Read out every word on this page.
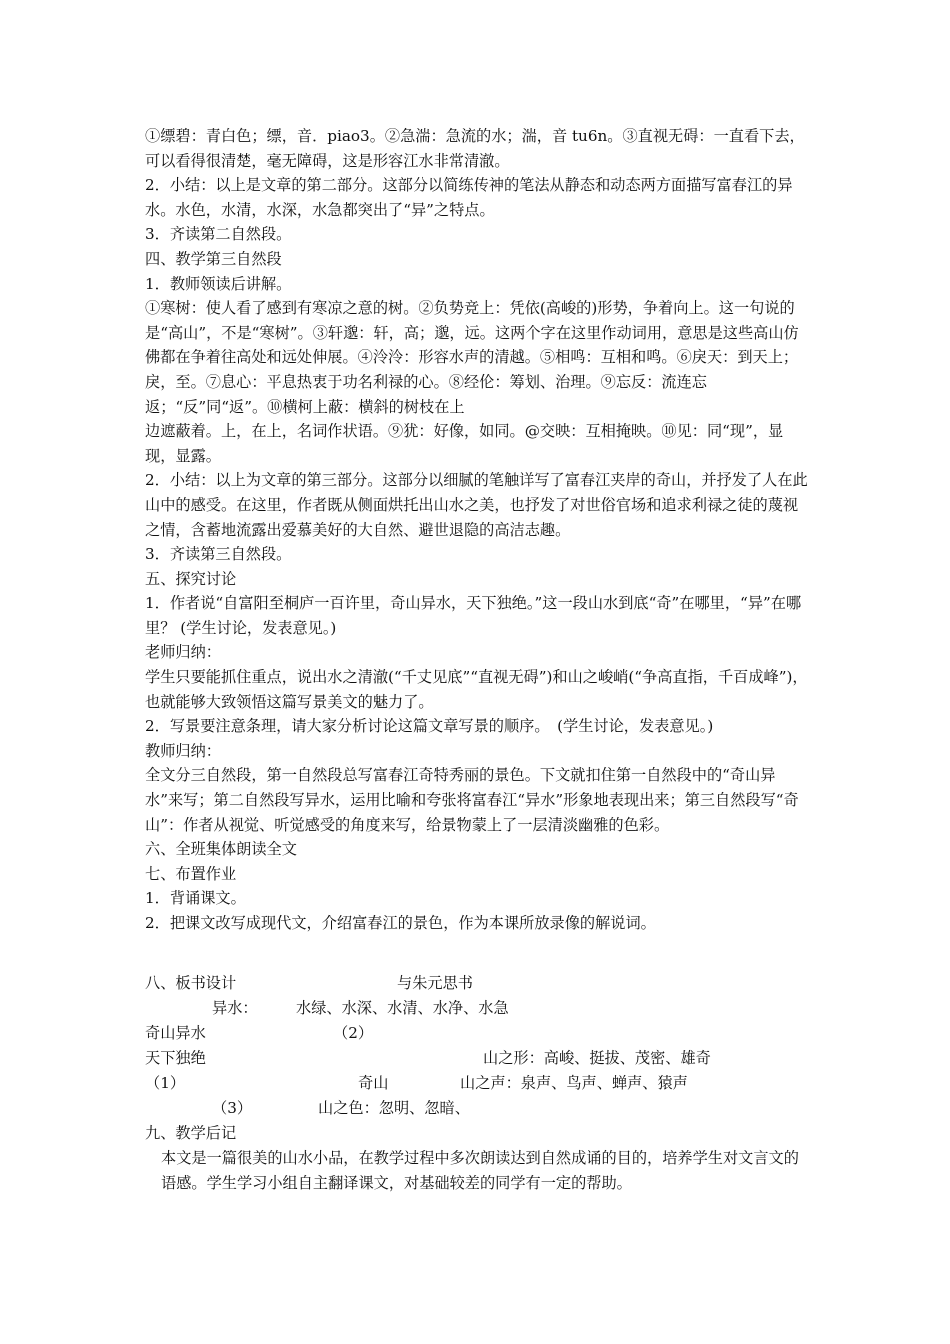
①缥碧：青白色；缥，音．piao3。②急湍：急流的水；湍，音 tu6n。③直视无碍：一直看下去，可以看得很清楚，毫无障碍，这是形容江水非常清澈。

2．小结：以上是文章的第二部分。这部分以简练传神的笔法从静态和动态两方面描写富春江的异水。水色，水清，水深，水急都突出了“异”之特点。

3．齐读第二自然段。

四、教学第三自然段

1．教师领读后讲解。

①寒树：使人看了感到有寒凉之意的树。②负势竞上：凭依(高峻的)形势，争着向上。这一句说的是“高山”，不是“寒树”。③轩邈：轩，高；邈，远。这两个字在这里作动词用，意思是这些高山仿佛都在争着往高处和远处伸展。④泠泠：形容水声的清越。⑤相鸣：互相和鸣。⑥戾天：到天上；戾，至。⑦息心：平息热衷于功名利禄的心。⑧经伦：筹划、治理。⑨忘反：流连忘返；“反”同“返”。⑩横柯上蔽：横斜的树枝在上

边遮蔽着。上，在上，名词作状语。⑨犹：好像，如同。@交映：互相掩映。⑩见：同“现”，显现，显露。

2．小结：以上为文章的第三部分。这部分以细腻的笔触详写了富春江夹岸的奇山，并抒发了人在此山中的感受。在这里，作者既从侧面烘托出山水之美，也抒发了对世俗官场和追求利禄之徒的蔑视之情，含蓄地流露出爱慕美好的大自然、避世退隐的高洁志趣。

3．齐读第三自然段。

五、探究讨论

1．作者说“自富阳至桐庐一百许里，奇山异水，天下独绝。”这一段山水到底“奇”在哪里，“异”在哪里？ (学生讨论，发表意见。)

老师归纳：

学生只要能抓住重点，说出水之清澈(“千丈见底”“直视无碍”)和山之峻峭(“争高直指，千百成峰”)，也就能够大致领悟这篇写景美文的魅力了。

2．写景要注意条理，请大家分析讨论这篇文章写景的顺序。　(学生讨论，发表意见。)

教师归纳：

全文分三自然段，第一自然段总写富春江奇特秀丽的景色。下文就扣住第一自然段中的“奇山异水”来写；第二自然段写异水，运用比喻和夸张将富春江“异水”形象地表现出来；第三自然段写“奇山”：作者从视觉、听觉感受的角度来写，给景物蒙上了一层清淡幽雅的色彩。

六、全班集体朗读全文

七、布置作业

1．背诵课文。

2．把课文改写成现代文，介绍富春江的景色，作为本课所放录像的解说词。

八、板书设计	与朱元思书
异水：	水绿、水深、水清、水净、水急
奇山异水	（2）
天下独绝	山之形：高峻、挺拔、茂密、雄奇
（1）	奇山	山之声：泉声、鸟声、蝉声、猿声
（3）	山之色：忽明、忽暗、
九、教学后记

本文是一篇很美的山水小品，在教学过程中多次朗读达到自然成诵的目的，培养学生对文言文的语感。学生学习小组自主翻译课文，对基础较差的同学有一定的帮助。
